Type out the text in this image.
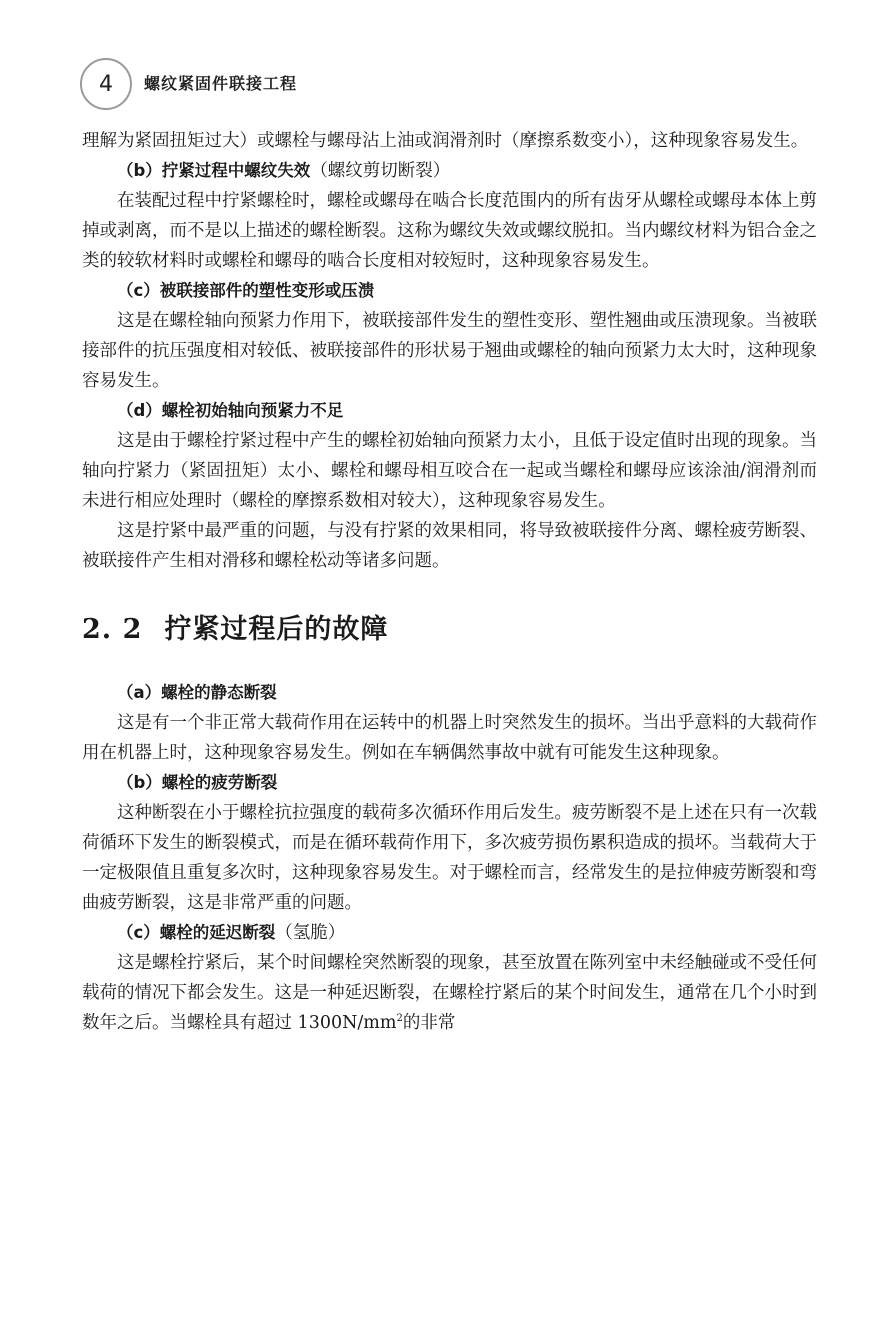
4	螺纹紧固件联接工程

理解为紧固扭矩过大）或螺栓与螺母沾上油或润滑剂时（摩擦系数变小），这种现象容易发生。

（b）拧紧过程中螺纹失效（螺纹剪切断裂）

在装配过程中拧紧螺栓时，螺栓或螺母在啮合长度范围内的所有齿牙从螺栓或螺母本体上剪掉或剥离，而不是以上描述的螺栓断裂。这称为螺纹失效或螺纹脱扣。当内螺纹材料为铝合金之类的较软材料时或螺栓和螺母的啮合长度相对较短时，这种现象容易发生。

（c）被联接部件的塑性变形或压溃

这是在螺栓轴向预紧力作用下，被联接部件发生的塑性变形、塑性翘曲或压溃现象。当被联接部件的抗压强度相对较低、被联接部件的形状易于翘曲或螺栓的轴向预紧力太大时，这种现象容易发生。

（d）螺栓初始轴向预紧力不足

这是由于螺栓拧紧过程中产生的螺栓初始轴向预紧力太小，且低于设定值时出现的现象。当轴向拧紧力（紧固扭矩）太小、螺栓和螺母相互咬合在一起或当螺栓和螺母应该涂油/润滑剂而未进行相应处理时（螺栓的摩擦系数相对较大），这种现象容易发生。

这是拧紧中最严重的问题，与没有拧紧的效果相同，将导致被联接件分离、螺栓疲劳断裂、被联接件产生相对滑移和螺栓松动等诸多问题。

2. 2 拧紧过程后的故障
（a）螺栓的静态断裂

这是有一个非正常大载荷作用在运转中的机器上时突然发生的损坏。当出乎意料的大载荷作用在机器上时，这种现象容易发生。例如在车辆偶然事故中就有可能发生这种现象。

（b）螺栓的疲劳断裂

这种断裂在小于螺栓抗拉强度的载荷多次循环作用后发生。疲劳断裂不是上述在只有一次载荷循环下发生的断裂模式，而是在循环载荷作用下，多次疲劳损伤累积造成的损坏。当载荷大于一定极限值且重复多次时，这种现象容易发生。对于螺栓而言，经常发生的是拉伸疲劳断裂和弯曲疲劳断裂，这是非常严重的问题。

（c）螺栓的延迟断裂（氢脆）

这是螺栓拧紧后，某个时间螺栓突然断裂的现象，甚至放置在陈列室中未经触碰或不受任何载荷的情况下都会发生。这是一种延迟断裂，在螺栓拧紧后的某个时间发生，通常在几个小时到数年之后。当螺栓具有超过 $1300N/mm^2$的非常
